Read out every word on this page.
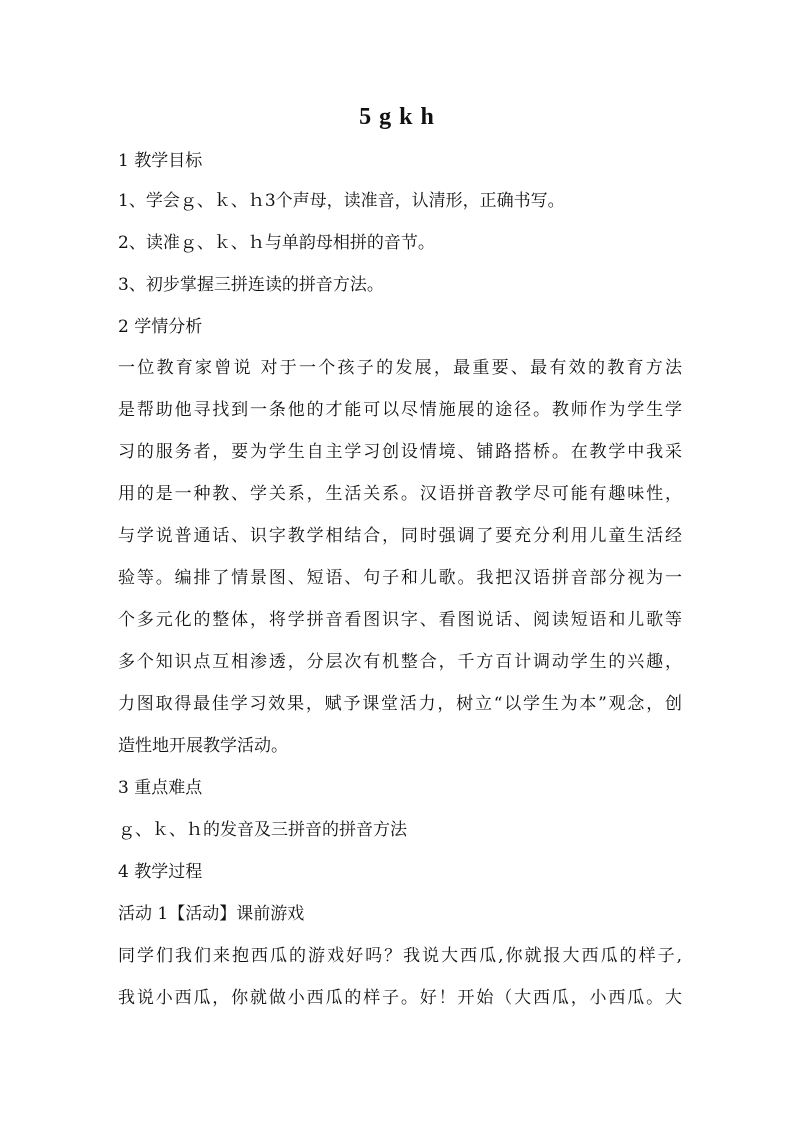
5 g k h
1 教学目标
1、学会ｇ、ｋ、ｈ3个声母，读准音，认清形，正确书写。
2、读准ｇ、ｋ、ｈ与单韵母相拼的音节。
3、初步掌握三拼连读的拼音方法。
2 学情分析
一位教育家曾说 对于一个孩子的发展，最重要、最有效的教育方法
是帮助他寻找到一条他的才能可以尽情施展的途径。教师作为学生学
习的服务者，要为学生自主学习创设情境、铺路搭桥。在教学中我采
用的是一种教、学关系，生活关系。汉语拼音教学尽可能有趣味性，
与学说普通话、识字教学相结合，同时强调了要充分利用儿童生活经
验等。编排了情景图、短语、句子和儿歌。我把汉语拼音部分视为一
个多元化的整体，将学拼音看图识字、看图说话、阅读短语和儿歌等
多个知识点互相渗透，分层次有机整合，千方百计调动学生的兴趣，
力图取得最佳学习效果，赋予课堂活力，树立“以学生为本”观念，创
造性地开展教学活动。
3 重点难点
ｇ、ｋ、ｈ的发音及三拼音的拼音方法
4 教学过程
活动 1【活动】课前游戏
同学们我们来抱西瓜的游戏好吗？我说大西瓜,你就报大西瓜的样子,
我说小西瓜，你就做小西瓜的样子。好！开始（大西瓜，小西瓜。大
